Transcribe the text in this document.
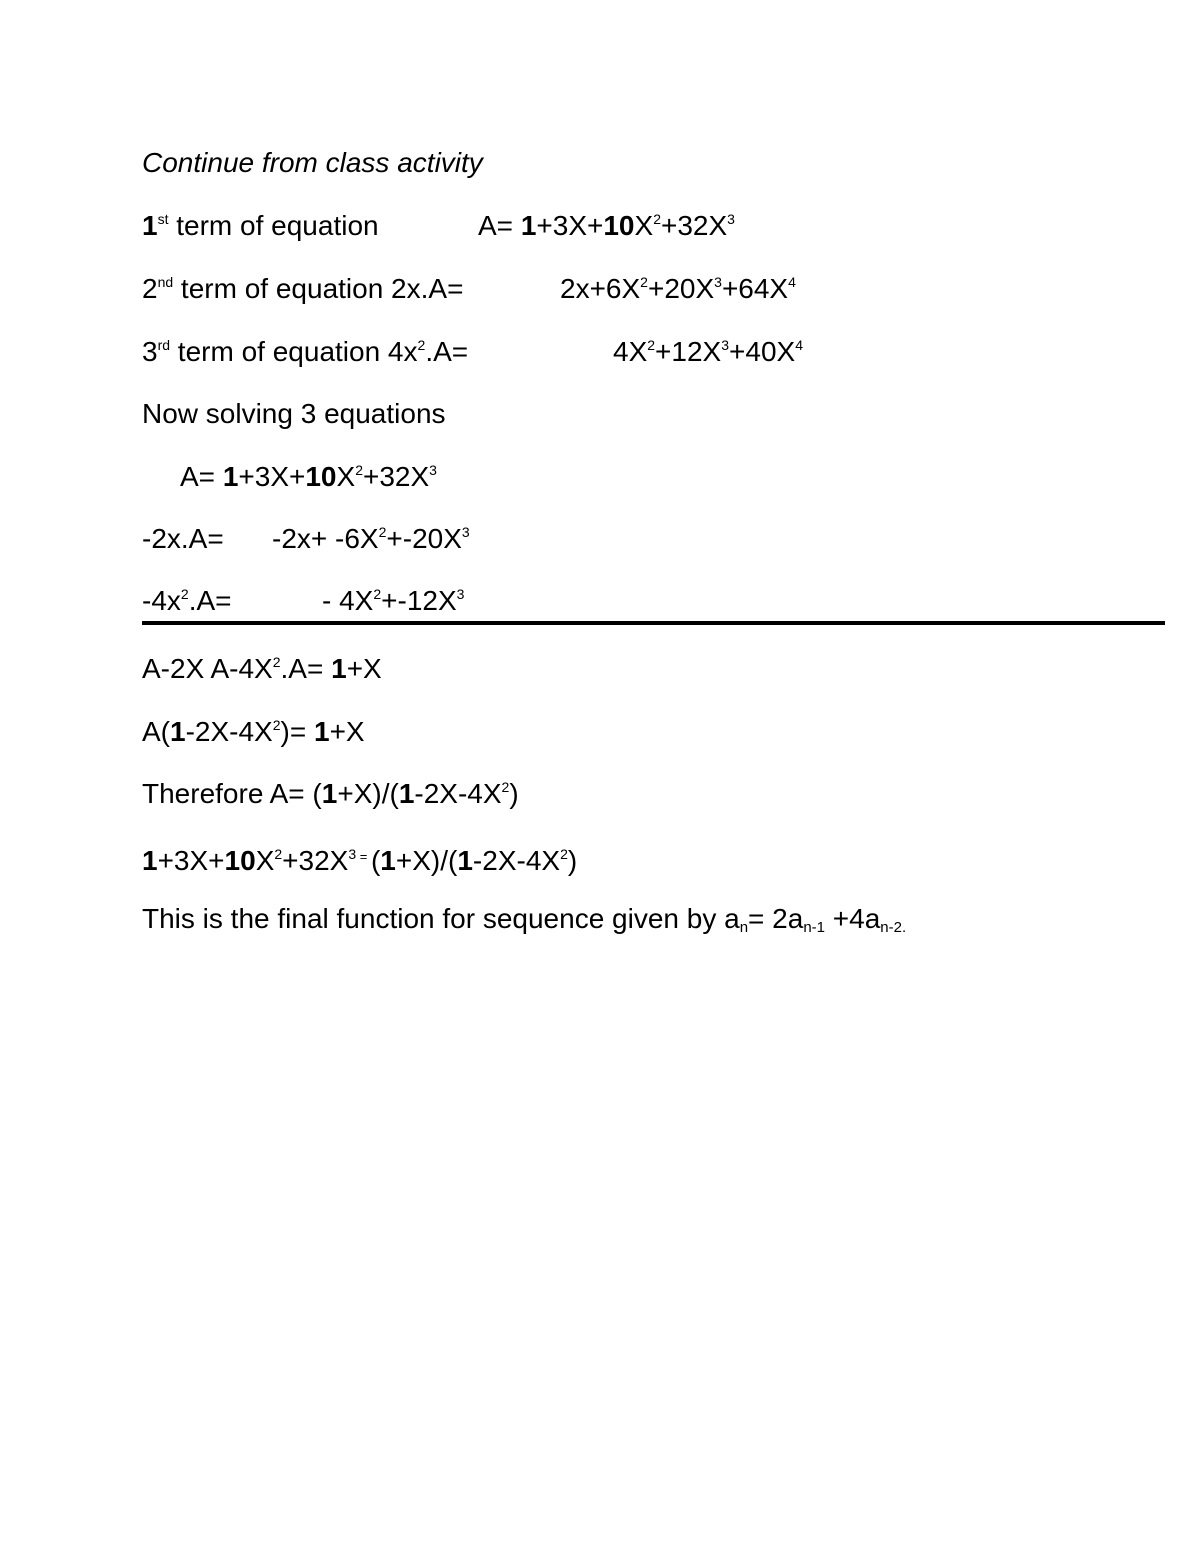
Continue from class activity
1st term of equation	$A= 1+3X+10X^2+32X^3$
2nd term of equation 2x.A=	$2x+6X^2+20X^3+64X^4$
3rd term of equation $4x^2.A=$	$4X^2+12X^3+40X^4$
Now solving 3 equations
$A= 1+3X+10X^2+32X^3$
$-2x.A= -2x+ -6X^2+-20X^3$
$-4x^2.A=$	- $4X^2+-12X^3$
A-2X $A-4X^2.A= 1+X$
$A(1-2X-4X^2)= 1+X$
Therefore $A= (1+X)/(1-2X-4X^2)$
$1+3X+10X^2+32X^3$ = $(1+X)/(1-2X-4X^2)$
This is the final function for sequence given by $a_n= 2a_{n-1} +4a_{n-2.}$
